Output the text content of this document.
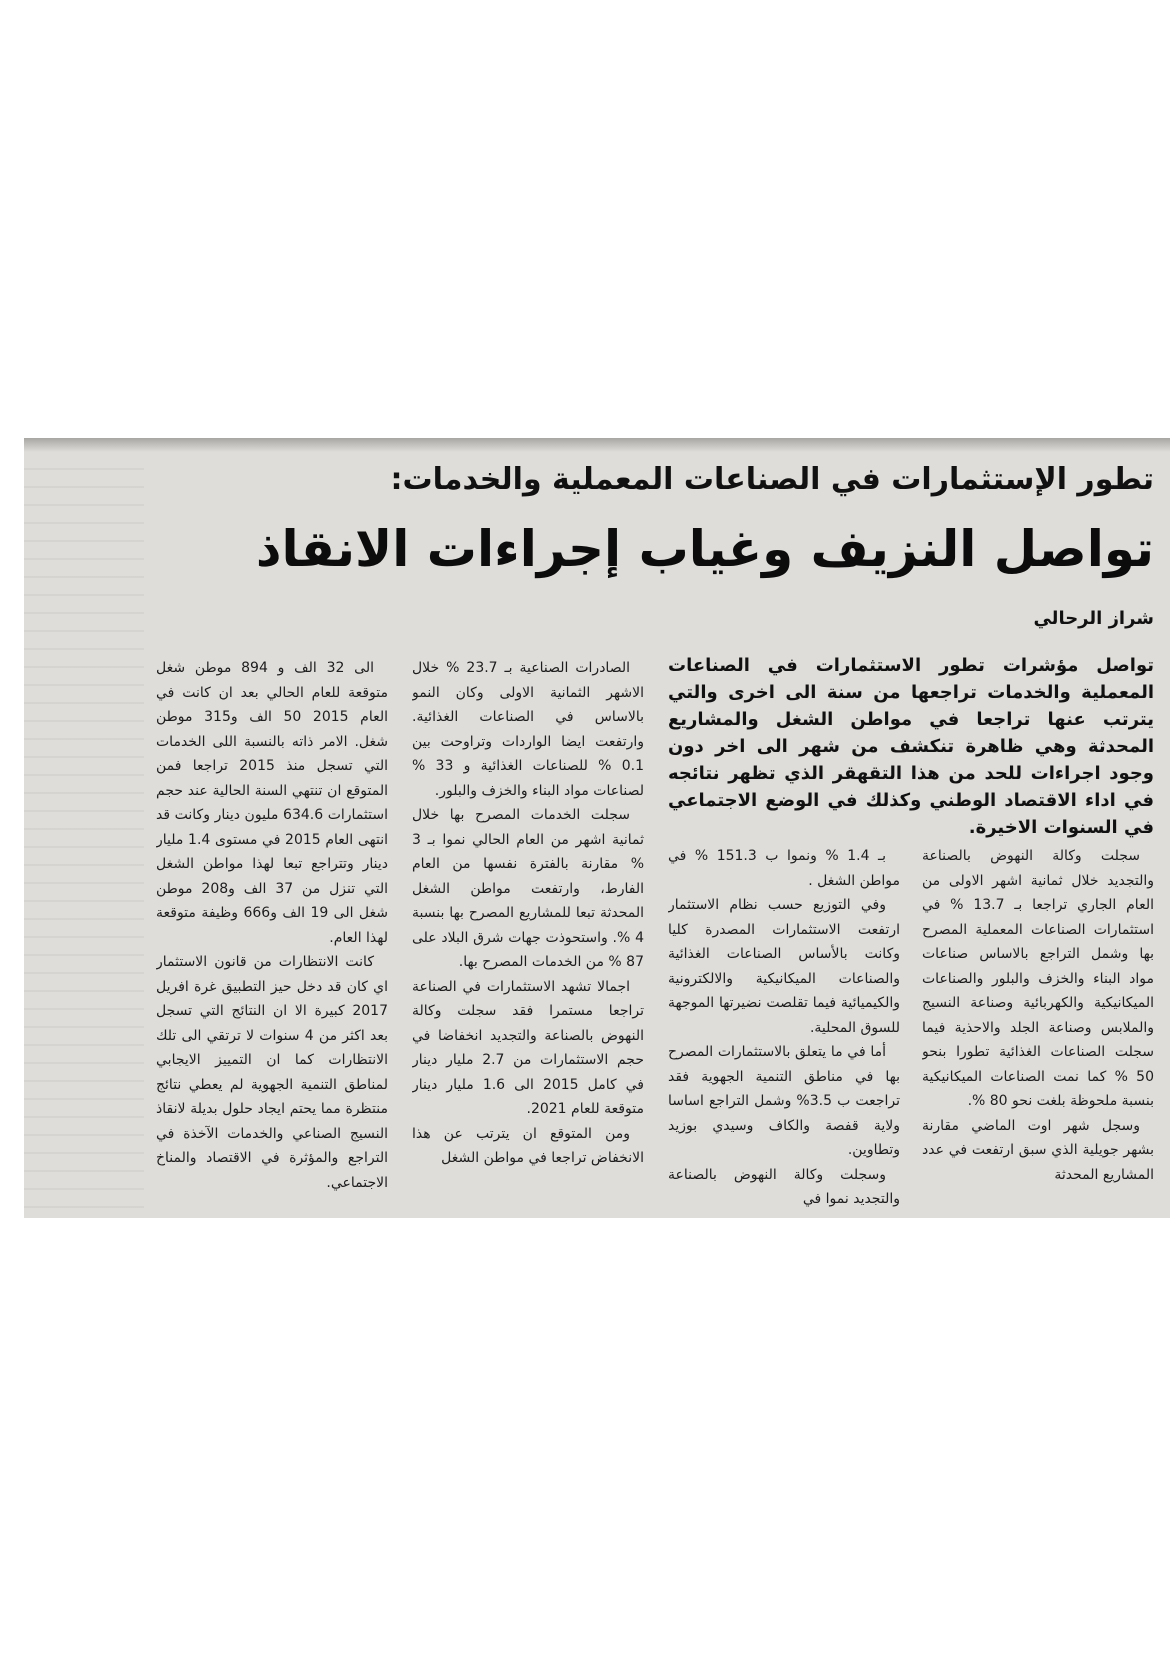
تطور الإستثمارات في الصناعات المعملية والخدمات:
تواصل النزيف وغياب إجراءات الانقاذ
شراز الرحالي
تواصل مؤشرات تطور الاستثمارات في الصناعات المعملية والخدمات تراجعها من سنة الى اخرى والتي يترتب عنها تراجعا في مواطن الشغل والمشاريع المحدثة وهي ظاهرة تنكشف من شهر الى اخر دون وجود اجراءات للحد من هذا التقهقر الذي تظهر نتائجه في اداء الاقتصاد الوطني وكذلك في الوضع الاجتماعي في السنوات الاخيرة.

سجلت وكالة النهوض بالصناعة والتجديد خلال ثمانية اشهر الاولى من العام الجاري تراجعا بـ 13.7 % في استثمارات الصناعات المعملية المصرح بها وشمل التراجع بالاساس صناعات مواد البناء والخزف والبلور والصناعات الميكانيكية والكهربائية وصناعة النسيج والملابس وصناعة الجلد والاحذية فيما سجلت الصناعات الغذائية تطورا بنحو 50 % كما نمت الصناعات الميكانيكية بنسبة ملحوظة بلغت نحو 80 %.

وسجل شهر اوت الماضي مقارنة بشهر جويلية الذي سبق ارتفعت في عدد المشاريع المحدثة

بـ 1.4 % ونموا ب 151.3 % في مواطن الشغل .

وفي التوزيع حسب نظام الاستثمار ارتفعت الاستثمارات المصدرة كليا وكانت بالأساس الصناعات الغذائية والصناعات الميكانيكية والالكترونية والكيميائية فيما تقلصت نضيرتها الموجهة للسوق المحلية.

أما في ما يتعلق بالاستثمارات المصرح بها في مناطق التنمية الجهوية فقد تراجعت ب 3.5% وشمل التراجع اساسا ولاية قفصة والكاف وسيدي بوزيد وتطاوين.

وسجلت وكالة النهوض بالصناعة والتجديد نموا في

الصادرات الصناعية بـ 23.7 % خلال الاشهر الثمانية الاولى وكان النمو بالاساس في الصناعات الغذائية. وارتفعت ايضا الواردات وتراوحت بين 0.1 % للصناعات الغذائية و 33 % لصناعات مواد البناء والخزف والبلور.

سجلت الخدمات المصرح بها خلال ثمانية اشهر من العام الحالي نموا بـ 3 % مقارنة بالفترة نفسها من العام الفارط، وارتفعت مواطن الشغل المحدثة تبعا للمشاريع المصرح بها بنسبة 4 %. واستحوذت جهات شرق البلاد على 87 % من الخدمات المصرح بها.

اجمالا تشهد الاستثمارات في الصناعة تراجعا مستمرا فقد سجلت وكالة النهوض بالصناعة والتجديد انخفاضا في حجم الاستثمارات من 2.7 مليار دينار في كامل 2015 الى 1.6 مليار دينار متوقعة للعام 2021.

ومن المتوقع ان يترتب عن هذا الانخفاض تراجعا في مواطن الشغل

الى 32 الف و 894 موطن شغل متوقعة للعام الحالي بعد ان كانت في العام 2015 50 الف و315 موطن شغل. الامر ذاته بالنسبة اللى الخدمات التي تسجل منذ 2015 تراجعا فمن المتوقع ان تنتهي السنة الحالية عند حجم استثمارات 634.6 مليون دينار وكانت قد انتهى العام 2015 في مستوى 1.4 مليار دينار وتتراجع تبعا لهذا مواطن الشغل التي تنزل من 37 الف و208 موطن شغل الى 19 الف و666 وظيفة متوقعة لهذا العام.

كانت الانتظارات من قانون الاستثمار اي كان قد دخل حيز التطبيق غرة افريل 2017 كبيرة الا ان النتائج التي تسجل بعد اكثر من 4 سنوات لا ترتقي الى تلك الانتظارات كما ان التمييز الايجابي لمناطق التنمية الجهوية لم يعطي نتائج منتظرة مما يحتم ايجاد حلول بديلة لانقاذ النسيج الصناعي والخدمات الآخذة في التراجع والمؤثرة في الاقتصاد والمناخ الاجتماعي.
